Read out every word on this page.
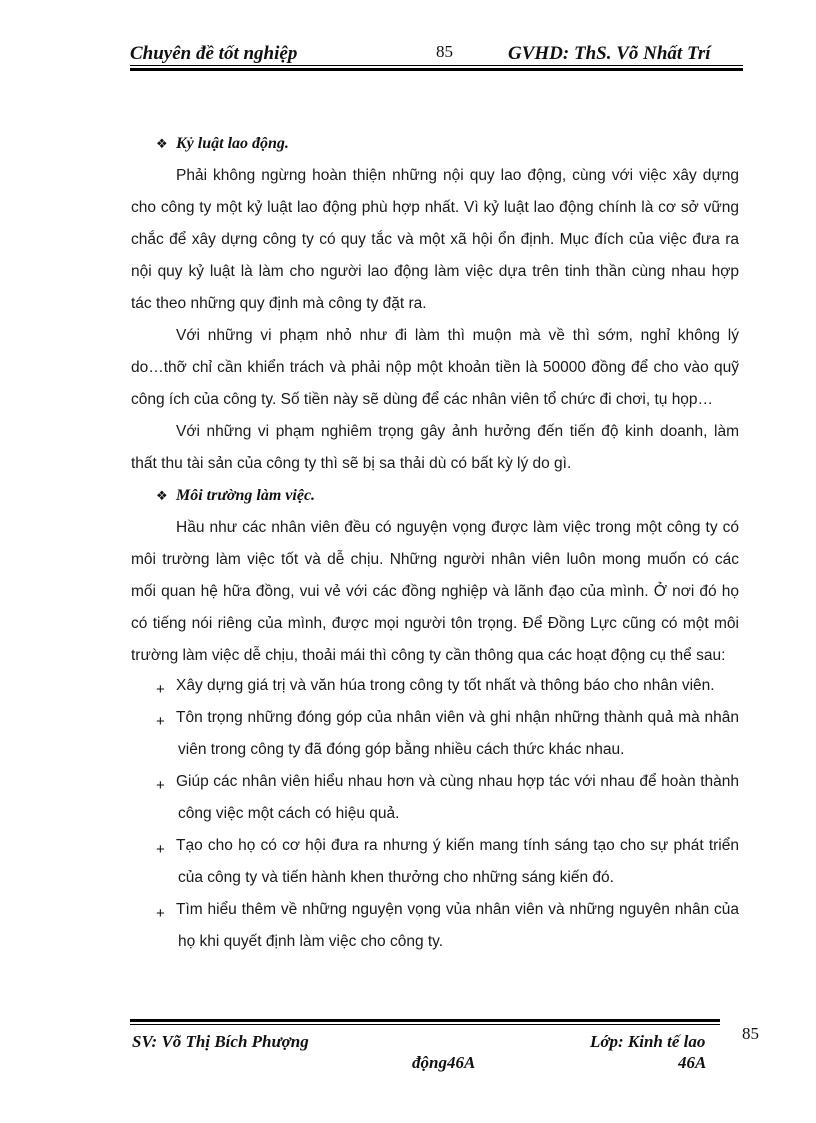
Chuyên đề tốt nghiệp	85	GVHD: ThS. Võ Nhất Trí
❖ Kỷ luật lao động.
Phải không ngừng hoàn thiện những nội quy lao động, cùng với việc xây dựng
cho công ty một kỷ luật lao động phù hợp nhất. Vì kỷ luật lao động chính là cơ sở vững
chắc để xây dựng công ty có quy tắc và một xã hội ổn định. Mục đích của việc đưa ra
nội quy kỷ luật là làm cho người lao động làm việc dựa trên tinh thần cùng nhau hợp
tác theo những quy định mà công ty đặt ra.
Với những vi phạm nhỏ như đi làm thì muộn mà về thì sớm, nghỉ không lý
do…thỡ chỉ cần khiển trách và phải nộp một khoản tiền là 50000 đồng để cho vào quỹ
công ích của công ty. Số tiền này sẽ dùng để các nhân viên tổ chức đi chơi, tụ họp…
Với những vi phạm nghiêm trọng gây ảnh hưởng đến tiến độ kinh doanh, làm
thất thu tài sản của công ty thì sẽ bị sa thải dù có bất kỳ lý do gì.
❖ Môi trường làm việc.
Hầu như các nhân viên đều có nguyện vọng được làm việc trong một công ty có
môi trường làm việc tốt và dễ chịu. Những người nhân viên luôn mong muốn có các
mối quan hệ hữa đồng, vui vẻ với các đồng nghiệp và lãnh đạo của mình. Ở nơi đó họ
có tiếng nói riêng của mình, được mọi người tôn trọng. Để Đồng Lực cũng có một môi
trường làm việc dễ chịu, thoải mái thì công ty cần thông qua các hoạt động cụ thể sau:
+ Xây dựng giá trị và văn húa trong công ty tốt nhất và thông báo cho nhân viên.
+ Tôn trọng những đóng góp của nhân viên và ghi nhận những thành quả mà nhân
viên trong công ty đã đóng góp bằng nhiều cách thức khác nhau.
+ Giúp các nhân viên hiểu nhau hơn và cùng nhau hợp tác với nhau để hoàn thành
công việc một cách có hiệu quả.
+ Tạo cho họ có cơ hội đưa ra nhưng ý kiến mang tính sáng tạo cho sự phát triển
của công ty và tiến hành khen thưởng cho những sáng kiến đó.
+ Tìm hiểu thêm về những nguyện vọng vủa nhân viên và những nguyên nhân của
họ khi quyết định làm việc cho công ty.
SV: Võ Thị Bích Phượng	Lớp: Kinh tế lao 85
động46A	46A
